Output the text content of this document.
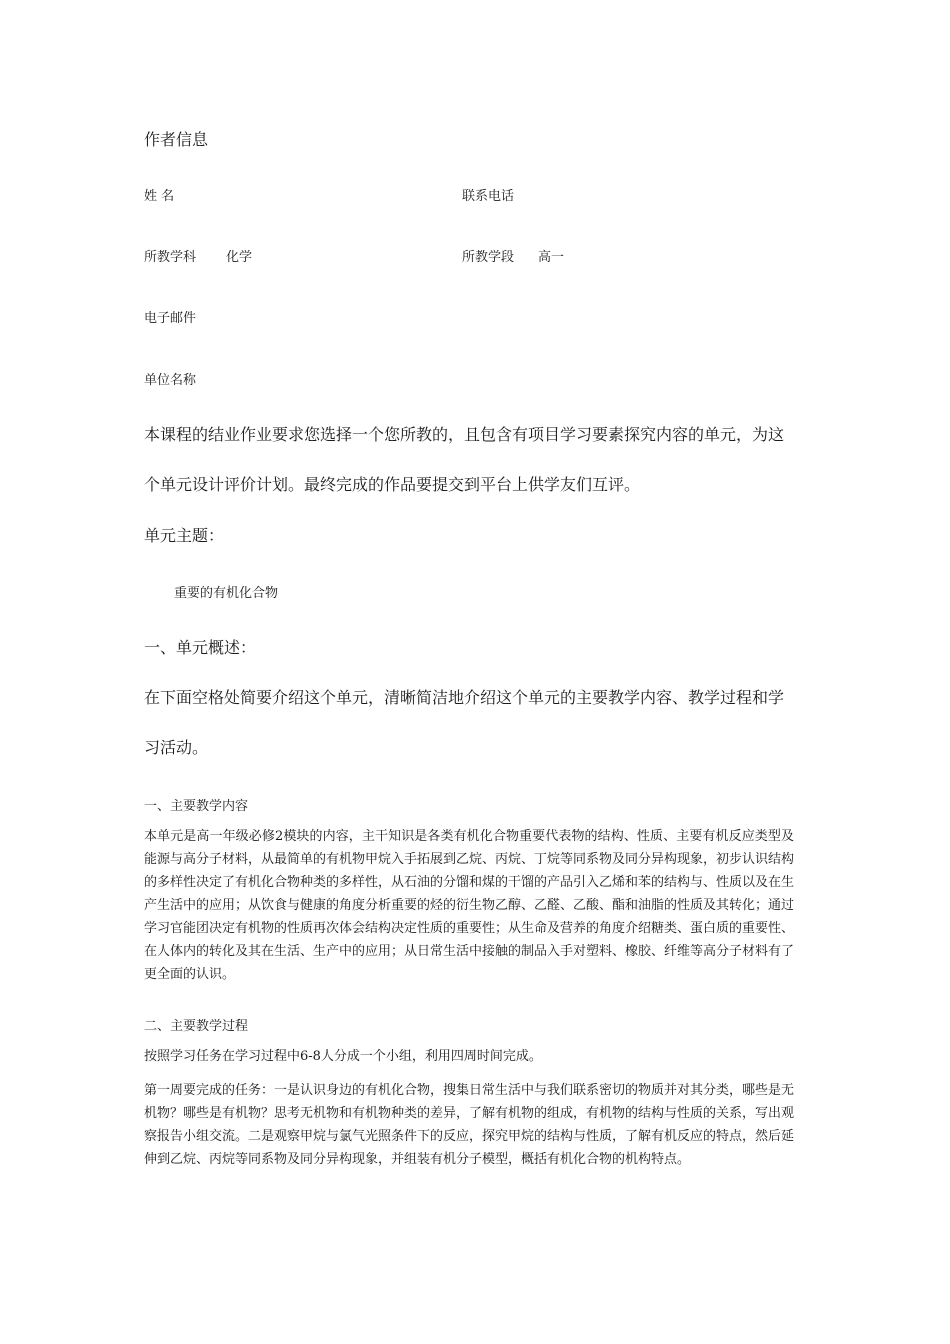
作者信息
姓 名	联系电话
所教学科 化学	所教学段 高一
电子邮件
单位名称
本课程的结业作业要求您选择一个您所教的，且包含有项目学习要素探究内容的单元，为这
个单元设计评价计划。最终完成的作品要提交到平台上供学友们互评。
单元主题：
重要的有机化合物
一、单元概述：
在下面空格处简要介绍这个单元，清晰简洁地介绍这个单元的主要教学内容、教学过程和学
习活动。
一、主要教学内容
本单元是高一年级必修2模块的内容，主干知识是各类有机化合物重要代表物的结构、性质、主要有机反应类型及能源与高分子材料，从最简单的有机物甲烷入手拓展到乙烷、丙烷、丁烷等同系物及同分异构现象，初步认识结构的多样性决定了有机化合物种类的多样性，从石油的分馏和煤的干馏的产品引入乙烯和苯的结构与、性质以及在生产生活中的应用；从饮食与健康的角度分析重要的烃的衍生物乙醇、乙醛、乙酸、酯和油脂的性质及其转化；通过学习官能团决定有机物的性质再次体会结构决定性质的重要性；从生命及营养的角度介绍糖类、蛋白质的重要性、在人体内的转化及其在生活、生产中的应用；从日常生活中接触的制品入手对塑料、橡胶、纤维等高分子材料有了更全面的认识。
二、主要教学过程
按照学习任务在学习过程中6-8人分成一个小组，利用四周时间完成。
第一周要完成的任务：一是认识身边的有机化合物，搜集日常生活中与我们联系密切的物质并对其分类，哪些是无机物？哪些是有机物？思考无机物和有机物种类的差异，了解有机物的组成，有机物的结构与性质的关系，写出观察报告小组交流。二是观察甲烷与氯气光照条件下的反应，探究甲烷的结构与性质，了解有机反应的特点，然后延伸到乙烷、丙烷等同系物及同分异构现象，并组装有机分子模型，概括有机化合物的机构特点。
